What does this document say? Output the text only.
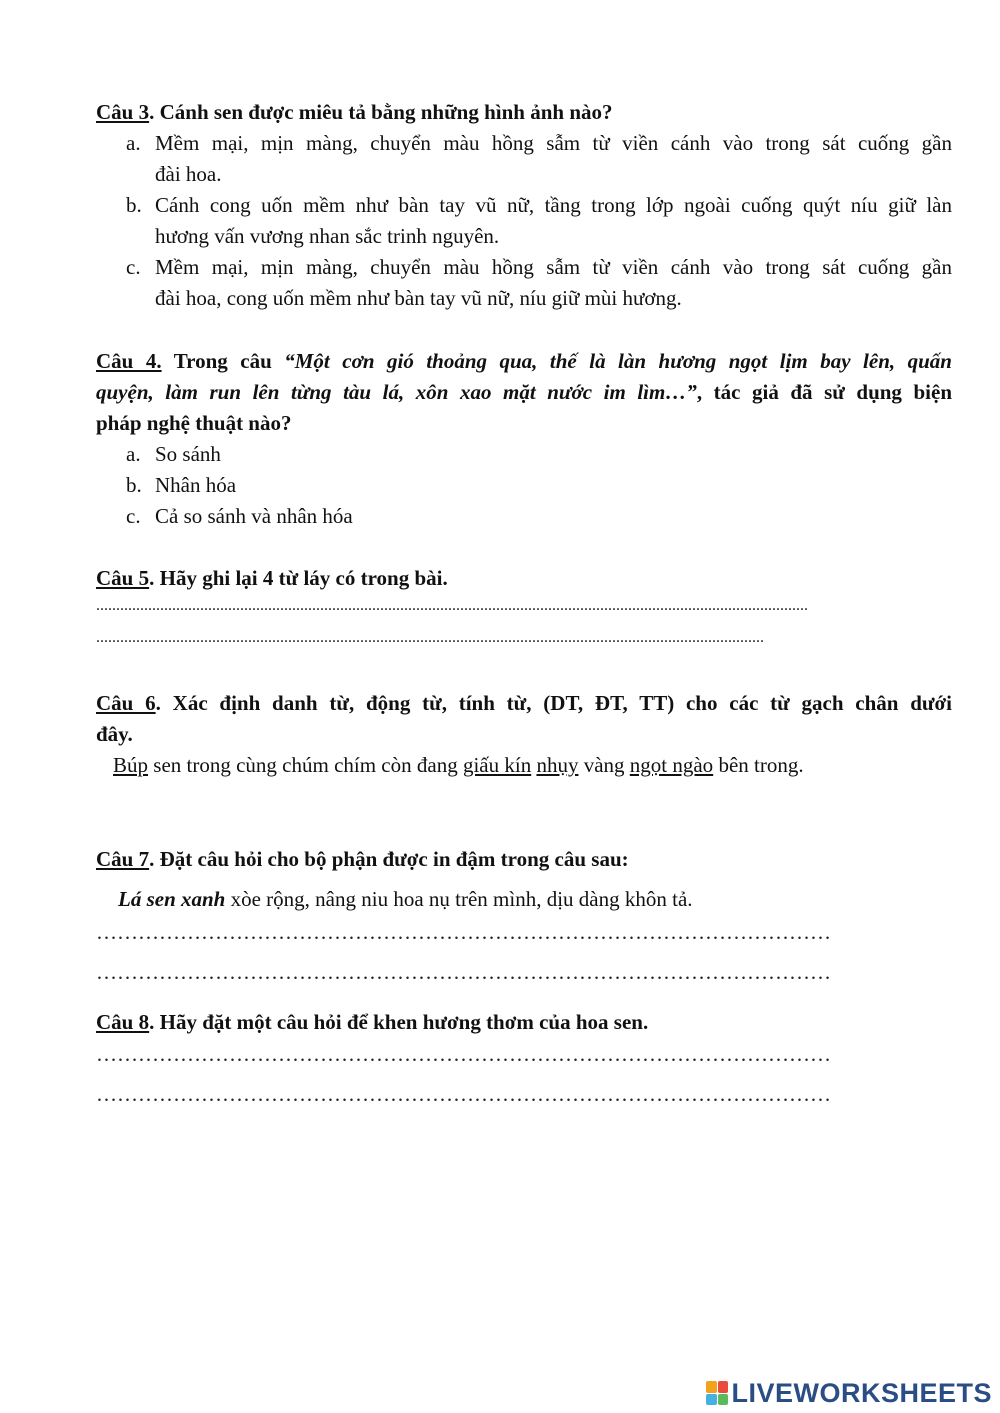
Câu 3. Cánh sen được miêu tả bằng những hình ảnh nào?
a. Mềm mại, mịn màng, chuyển màu hồng sẫm từ viền cánh vào trong sát cuống gần
đài hoa.
b. Cánh cong uốn mềm như bàn tay vũ nữ, tầng trong lớp ngoài cuống quýt níu giữ làn
hương vấn vương nhan sắc trinh nguyên.
c. Mềm mại, mịn màng, chuyển màu hồng sẫm từ viền cánh vào trong sát cuống gần
đài hoa, cong uốn mềm như bàn tay vũ nữ, níu giữ mùi hương.
Câu 4. Trong câu “Một cơn gió thoảng qua, thế là làn hương ngọt lịm bay lên, quấn
quyện, làm run lên từng tàu lá, xôn xao mặt nước im lìm…”, tác giả đã sử dụng biện
pháp nghệ thuật nào?
a. So sánh
b. Nhân hóa
c. Cả so sánh và nhân hóa
Câu 5. Hãy ghi lại 4 từ láy có trong bài.
..................................................................................................................................................................................
.......................................................................................................................................................................
Câu 6. Xác định danh từ, động từ, tính từ, (DT, ĐT, TT) cho các từ gạch chân dưới
đây.
Búp sen trong cùng chúm chím còn đang giấu kín nhụy vàng ngọt ngào bên trong.
Câu 7. Đặt câu hỏi cho bộ phận được in đậm trong câu sau:
Lá sen xanh xòe rộng, nâng niu hoa nụ trên mình, dịu dàng khôn tả.
……………………………………………………………………………………………
……………………………………………………………………………………………
Câu 8. Hãy đặt một câu hỏi để khen hương thơm của hoa sen.
……………………………………………………………………………………………
……………………………………………………………………………………………
LIVEWORKSHEETS
